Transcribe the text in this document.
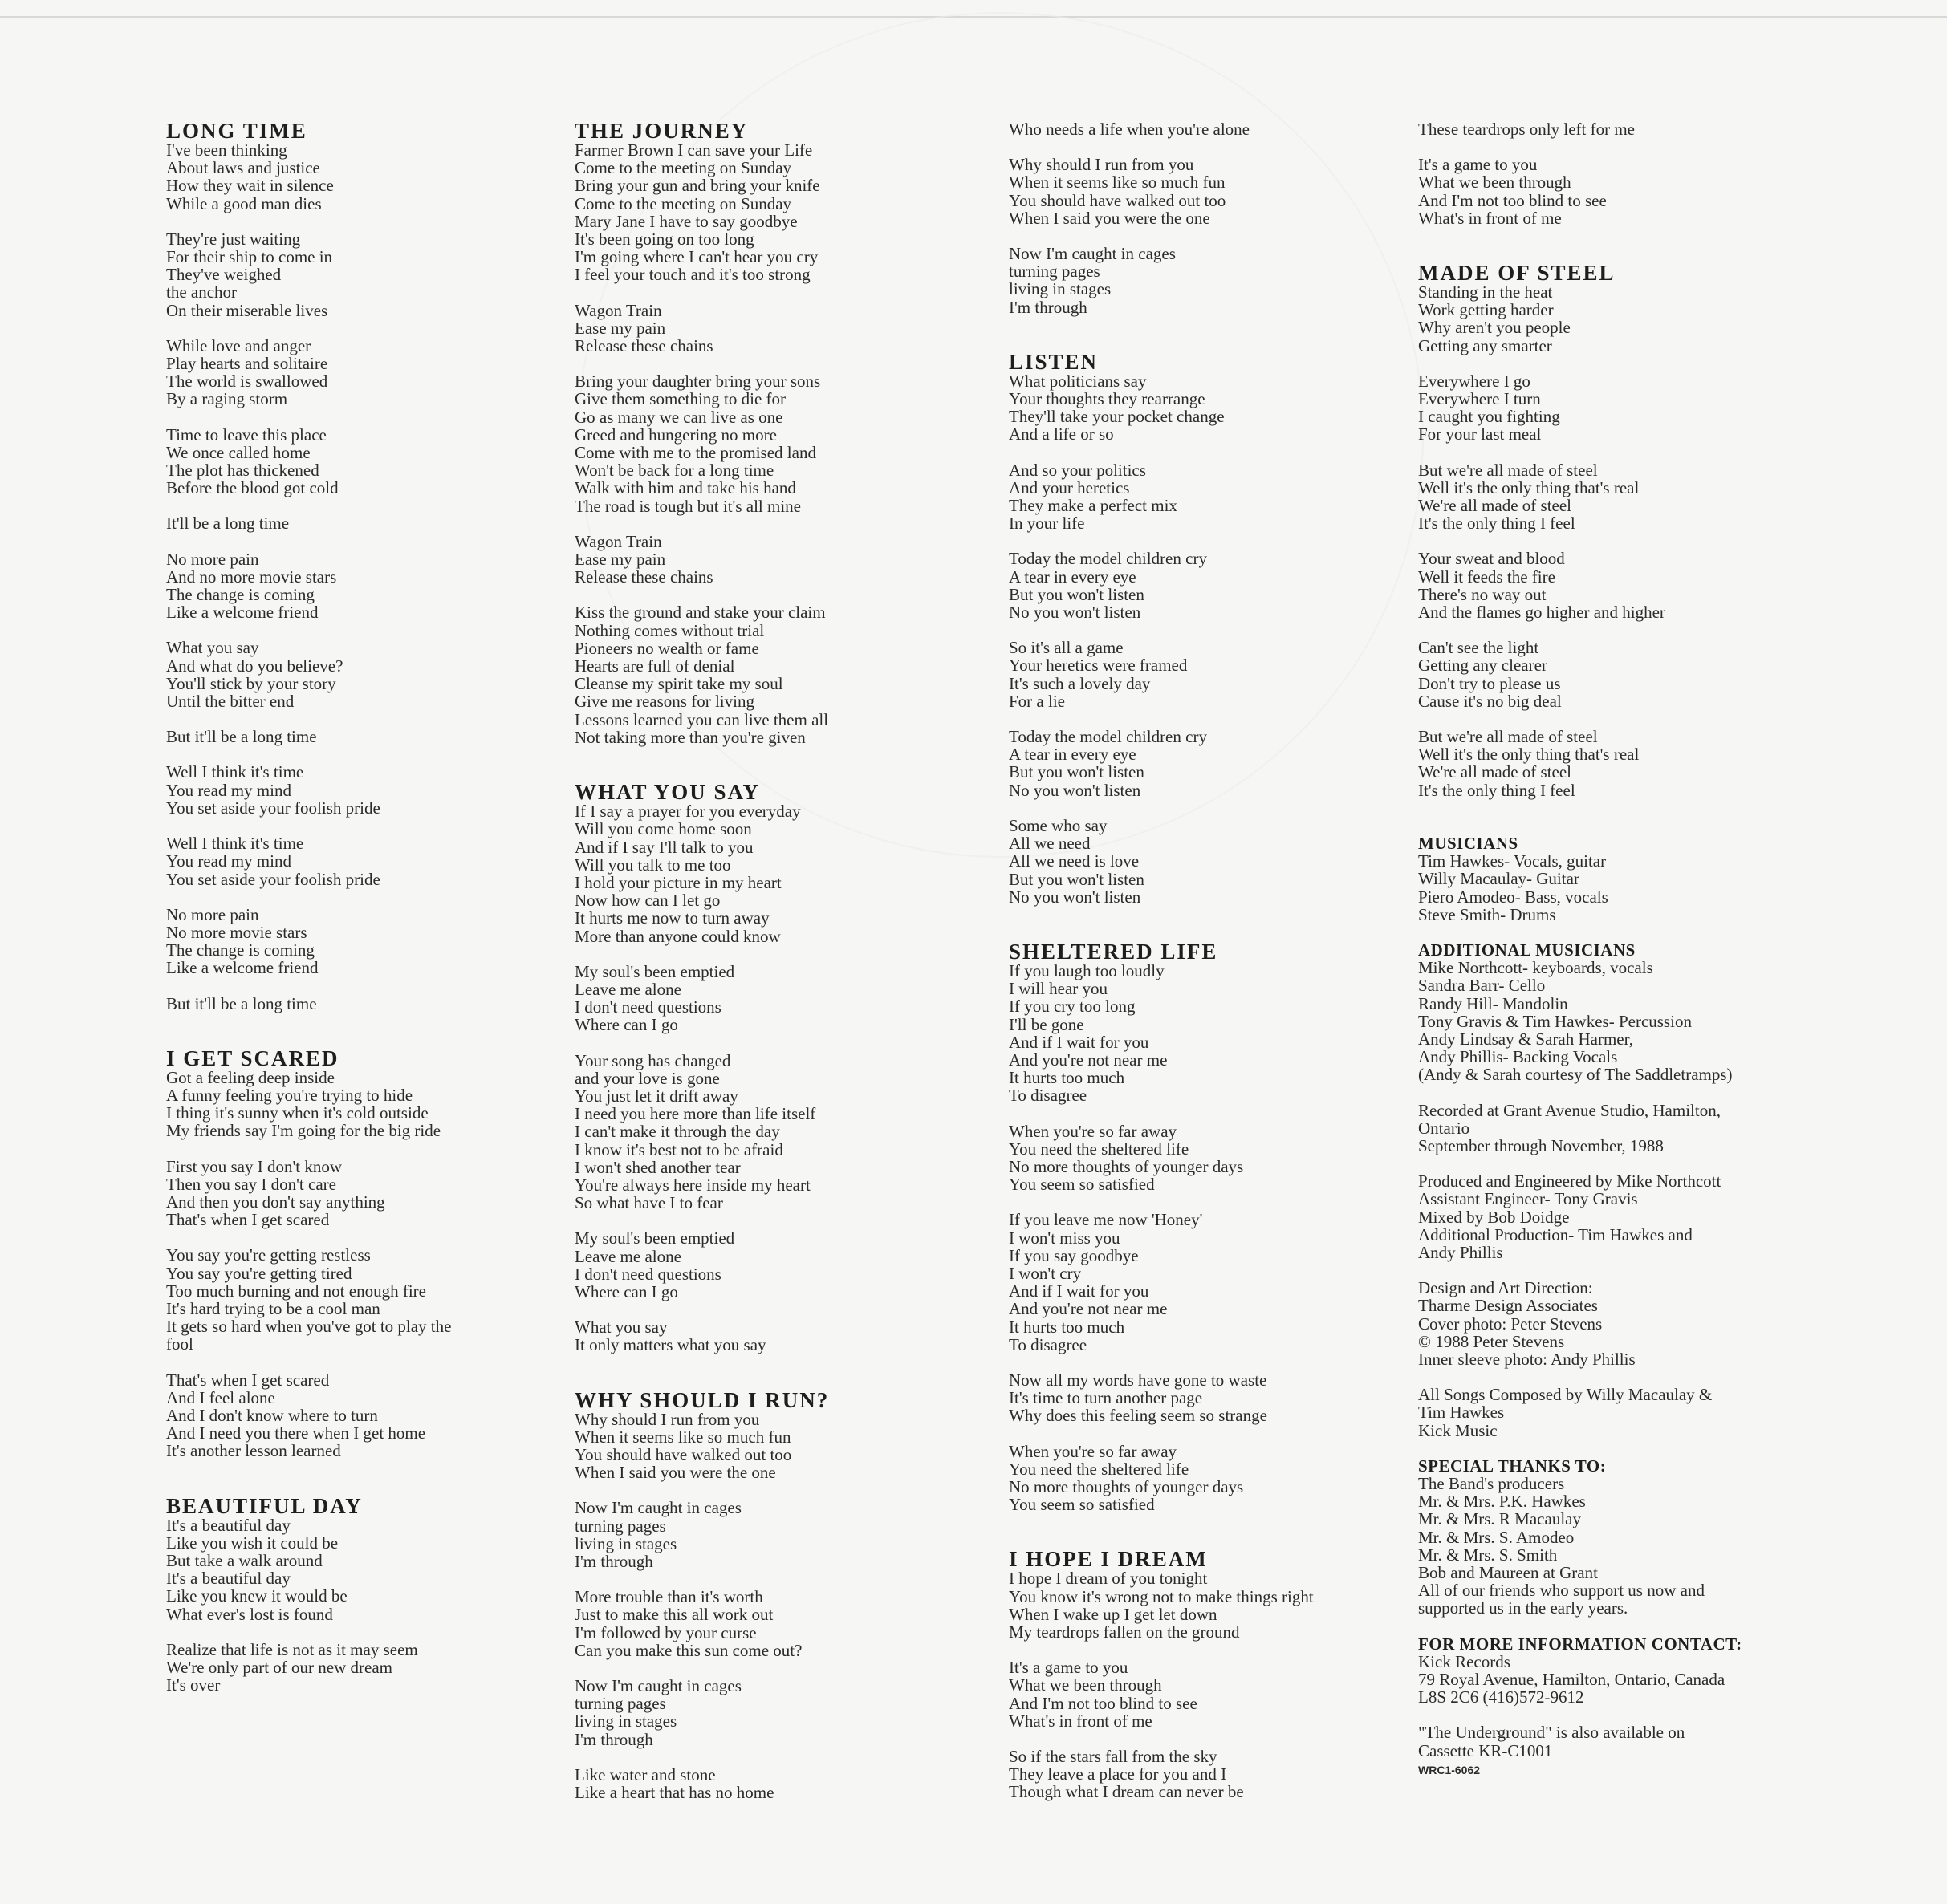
LONG TIME
I've been thinking
About laws and justice
How they wait in silence
While a good man dies
They're just waiting
For their ship to come in
They've weighed
the anchor
On their miserable lives
While love and anger
Play hearts and solitaire
The world is swallowed
By a raging storm
Time to leave this place
We once called home
The plot has thickened
Before the blood got cold
It'll be a long time
No more pain
And no more movie stars
The change is coming
Like a welcome friend
What you say
And what do you believe?
You'll stick by your story
Until the bitter end
But it'll be a long time
Well I think it's time
You read my mind
You set aside your foolish pride
Well I think it's time
You read my mind
You set aside your foolish pride
No more pain
No more movie stars
The change is coming
Like a welcome friend
But it'll be a long time
I GET SCARED
Got a feeling deep inside
A funny feeling you're trying to hide
I thing it's sunny when it's cold outside
My friends say I'm going for the big ride
First you say I don't know
Then you say I don't care
And then you don't say anything
That's when I get scared
You say you're getting restless
You say you're getting tired
Too much burning and not enough fire
It's hard trying to be a cool man
It gets so hard when you've got to play the
fool
That's when I get scared
And I feel alone
And I don't know where to turn
And I need you there when I get home
It's another lesson learned
BEAUTIFUL DAY
It's a beautiful day
Like you wish it could be
But take a walk around
It's a beautiful day
Like you knew it would be
What ever's lost is found
Realize that life is not as it may seem
We're only part of our new dream
It's over
THE JOURNEY
Farmer Brown I can save your Life
Come to the meeting on Sunday
Bring your gun and bring your knife
Come to the meeting on Sunday
Mary Jane I have to say goodbye
It's been going on too long
I'm going where I can't hear you cry
I feel your touch and it's too strong
Wagon Train
Ease my pain
Release these chains
Bring your daughter bring your sons
Give them something to die for
Go as many we can live as one
Greed and hungering no more
Come with me to the promised land
Won't be back for a long time
Walk with him and take his hand
The road is tough but it's all mine
Wagon Train
Ease my pain
Release these chains
Kiss the ground and stake your claim
Nothing comes without trial
Pioneers no wealth or fame
Hearts are full of denial
Cleanse my spirit take my soul
Give me reasons for living
Lessons learned you can live them all
Not taking more than you're given
WHAT YOU SAY
If I say a prayer for you everyday
Will you come home soon
And if I say I'll talk to you
Will you talk to me too
I hold your picture in my heart
Now how can I let go
It hurts me now to turn away
More than anyone could know
My soul's been emptied
Leave me alone
I don't need questions
Where can I go
Your song has changed
and your love is gone
You just let it drift away
I need you here more than life itself
I can't make it through the day
I know it's best not to be afraid
I won't shed another tear
You're always here inside my heart
So what have I to fear
My soul's been emptied
Leave me alone
I don't need questions
Where can I go
What you say
It only matters what you say
WHY SHOULD I RUN?
Why should I run from you
When it seems like so much fun
You should have walked out too
When I said you were the one
Now I'm caught in cages
turning pages
living in stages
I'm through
More trouble than it's worth
Just to make this all work out
I'm followed by your curse
Can you make this sun come out?
Now I'm caught in cages
turning pages
living in stages
I'm through
Like water and stone
Like a heart that has no home
Who needs a life when you're alone
Why should I run from you
When it seems like so much fun
You should have walked out too
When I said you were the one
Now I'm caught in cages
turning pages
living in stages
I'm through
LISTEN
What politicians say
Your thoughts they rearrange
They'll take your pocket change
And a life or so
And so your politics
And your heretics
They make a perfect mix
In your life
Today the model children cry
A tear in every eye
But you won't listen
No you won't listen
So it's all a game
Your heretics were framed
It's such a lovely day
For a lie
Today the model children cry
A tear in every eye
But you won't listen
No you won't listen
Some who say
All we need
All we need is love
But you won't listen
No you won't listen
SHELTERED LIFE
If you laugh too loudly
I will hear you
If you cry too long
I'll be gone
And if I wait for you
And you're not near me
It hurts too much
To disagree
When you're so far away
You need the sheltered life
No more thoughts of younger days
You seem so satisfied
If you leave me now 'Honey'
I won't miss you
If you say goodbye
I won't cry
And if I wait for you
And you're not near me
It hurts too much
To disagree
Now all my words have gone to waste
It's time to turn another page
Why does this feeling seem so strange
When you're so far away
You need the sheltered life
No more thoughts of younger days
You seem so satisfied
I HOPE I DREAM
I hope I dream of you tonight
You know it's wrong not to make things right
When I wake up I get let down
My teardrops fallen on the ground
It's a game to you
What we been through
And I'm not too blind to see
What's in front of me
So if the stars fall from the sky
They leave a place for you and I
Though what I dream can never be
These teardrops only left for me
It's a game to you
What we been through
And I'm not too blind to see
What's in front of me
MADE OF STEEL
Standing in the heat
Work getting harder
Why aren't you people
Getting any smarter
Everywhere I go
Everywhere I turn
I caught you fighting
For your last meal
But we're all made of steel
Well it's the only thing that's real
We're all made of steel
It's the only thing I feel
Your sweat and blood
Well it feeds the fire
There's no way out
And the flames go higher and higher
Can't see the light
Getting any clearer
Don't try to please us
Cause it's no big deal
But we're all made of steel
Well it's the only thing that's real
We're all made of steel
It's the only thing I feel
MUSICIANS
Tim Hawkes- Vocals, guitar
Willy Macaulay- Guitar
Piero Amodeo- Bass, vocals
Steve Smith- Drums
ADDITIONAL MUSICIANS
Mike Northcott- keyboards, vocals
Sandra Barr- Cello
Randy Hill- Mandolin
Tony Gravis & Tim Hawkes- Percussion
Andy Lindsay & Sarah Harmer,
Andy Phillis- Backing Vocals
(Andy & Sarah courtesy of The Saddletramps)
Recorded at Grant Avenue Studio, Hamilton,
Ontario
September through November, 1988
Produced and Engineered by Mike Northcott
Assistant Engineer- Tony Gravis
Mixed by Bob Doidge
Additional Production- Tim Hawkes and
Andy Phillis
Design and Art Direction:
Tharme Design Associates
Cover photo: Peter Stevens
© 1988 Peter Stevens
Inner sleeve photo: Andy Phillis
All Songs Composed by Willy Macaulay &
Tim Hawkes
Kick Music
SPECIAL THANKS TO:
The Band's producers
Mr. & Mrs. P.K. Hawkes
Mr. & Mrs. R Macaulay
Mr. & Mrs. S. Amodeo
Mr. & Mrs. S. Smith
Bob and Maureen at Grant
All of our friends who support us now and
supported us in the early years.
FOR MORE INFORMATION CONTACT:
Kick Records
79 Royal Avenue, Hamilton, Ontario, Canada
L8S 2C6 (416)572-9612
"The Underground" is also available on
Cassette KR-C1001
WRC1-6062
